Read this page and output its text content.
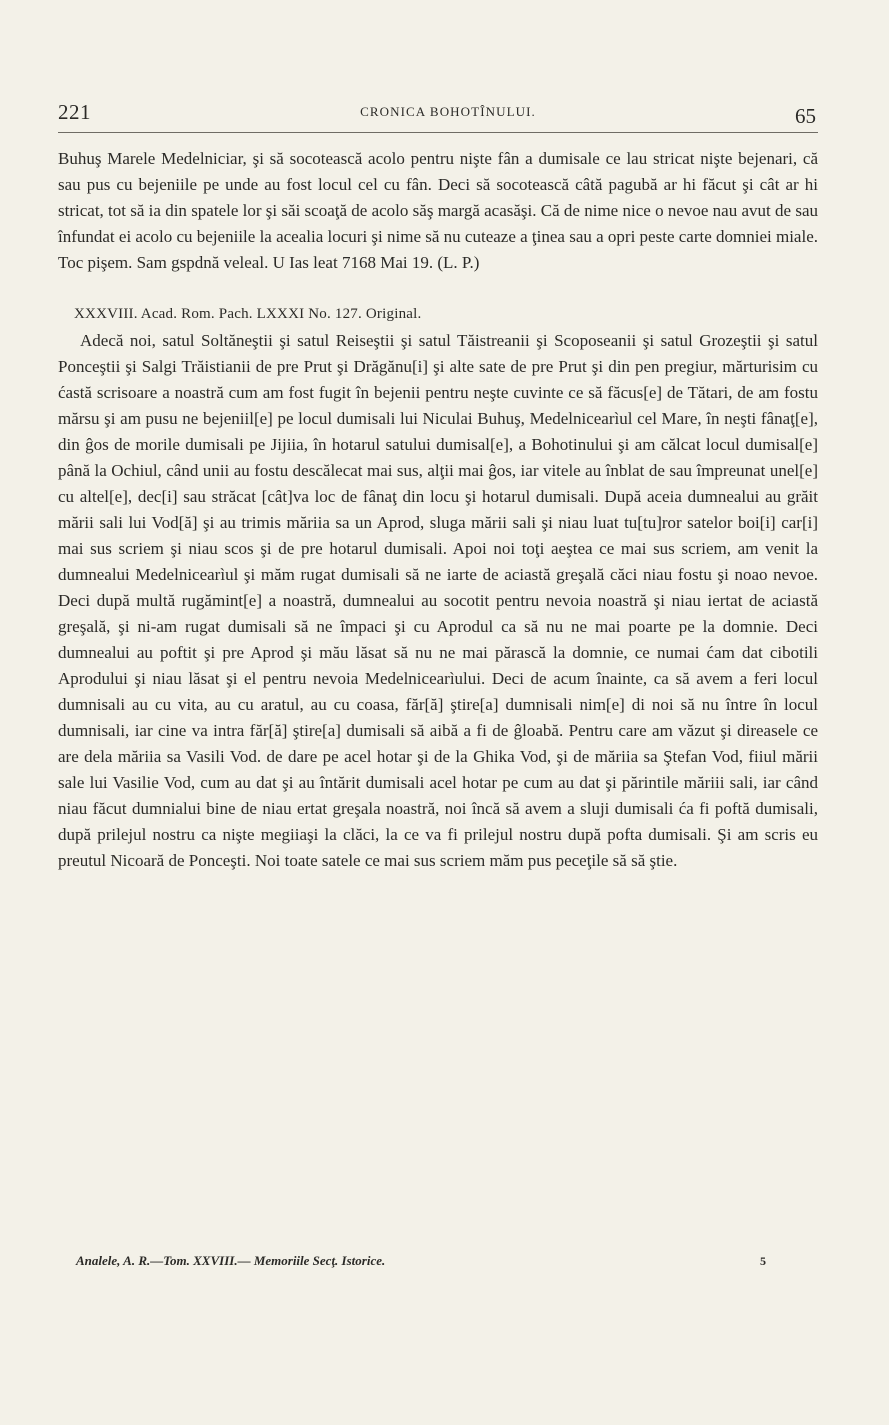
221	CRONICA BOHOTÎNULUI.	65

Buhuş Marele Medelniciar, şi să socotească acolo pentru nişte fân a dumisale ce lau stricat nişte bejenari, că sau pus cu bejeniile pe unde au fost locul cel cu fân. Deci să socotească câtă pagubă ar hi făcut şi cât ar hi stricat, tot să ia din spatele lor şi săi scoaţă de acolo săş margă acasăşi. Că de nime nice o nevoe nau avut de sau înfundat ei acolo cu bejeniile la acealia locuri şi nime să nu cuteaze a ţinea sau a opri peste carte domniei miale. Toc pişem. Sam gspdnă veleal. U Ias leat 7168 Mai 19. (L. P.)

XXXVIII. Acad. Rom. Pach. LXXXI No. 127. Original.

Adecă noi, satul Soltăneştii şi satul Reiseştii şi satul Tăistreanii şi Scoposeanii şi satul Grozeştii şi satul Ponceştii şi Salgi Trăistianii de pre Prut şi Drăgănu[i] şi alte sate de pre Prut şi din pen pregiur, mărturisim cu ćastă scrisoare a noastră cum am fost fugit în bejenii pentru neşte cuvinte ce să făcus[e] de Tătari, de am fostu mărsu şi am pusu ne bejeniil[e] pe locul dumisali lui Niculai Buhuş, Medelnicearìul cel Mare, în neşti fânaţ[e], din ĝos de morile dumisali pe Jijiia, în hotarul satului dumisal[e], a Bohotinului şi am călcat locul dumisal[e] până la Ochiul, când unii au fostu descălecat mai sus, alţii mai ĝos, iar vitele au înblat de sau împreunat unel[e] cu altel[e], dec[i] sau străcat [cât]va loc de fânaţ din locu şi hotarul dumisali. După aceia dumnealui au grăit mării sali lui Vod[ă] şi au trimis măriia sa un Aprod, sluga mării sali şi niau luat tu[tu]ror satelor boi[i] car[i] mai sus scriem şi niau scos şi de pre hotarul dumisali. Apoi noi toţi aeştea ce mai sus scriem, am venit la dumnealui Medelnicearìul şi măm rugat dumisali să ne iarte de aciastă greşală căci niau fostu şi noao nevoe. Deci după multă rugămint[e] a noastră, dumnealui au socotit pentru nevoia noastră şi niau iertat de aciastă greşală, şi ni-am rugat dumisali să ne împaci şi cu Aprodul ca să nu ne mai poarte pe la domnie. Deci dumnealui au poftit şi pre Aprod şi mău lăsat să nu ne mai părască la domnie, ce numai ćam dat cibotili Aprodului şi niau lăsat şi el pentru nevoia Medelnicearìului. Deci de acum înainte, ca să avem a feri locul dumnisali au cu vita, au cu aratul, au cu coasa, făr[ă] ştire[a] dumnisali nim[e] di noi să nu între în locul dumnisali, iar cine va intra făr[ă] ştire[a] dumisali să aibă a fi de ĝloabă. Pentru care am văzut şi direasele ce are dela măriia sa Vasili Vod. de dare pe acel hotar şi de la Ghika Vod, şi de măriia sa Ştefan Vod, fiiul mării sale lui Vasilie Vod, cum au dat şi au întărit dumisali acel hotar pe cum au dat şi părintile măriii sali, iar când niau făcut dumnialui bine de niau ertat greşala noastră, noi încă să avem a sluji dumisali ća fi poftă dumisali, după prilejul nostru ca nişte megiiaşi la clăci, la ce va fi prilejul nostru după pofta dumisali. Şi am scris eu preutul Nicoară de Ponceşti. Noi toate satele ce mai sus scriem măm pus peceţile să să ştie.

Analele, A. R.—Tom. XXVIII.— Memoriile Secţ. Istorice.	5
